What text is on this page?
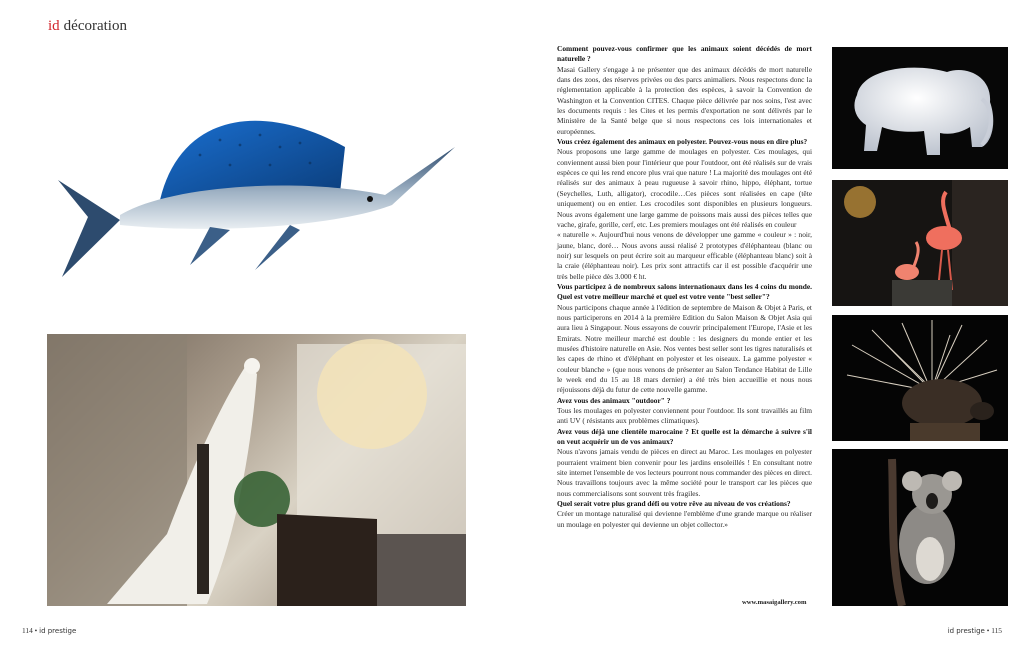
id décoration

Comment pouvez-vous confirmer que les animaux soient décédés de mort naturelle ?

Masai Gallery s'engage à ne présenter que des animaux décédés de mort naturelle dans des zoos, des réserves privées ou des parcs animaliers. Nous respectons donc la réglementation applicable à la protection des espèces, à savoir la Convention de Washington et la Convention CITES. Chaque pièce délivrée par nos soins, l'est avec les documents requis : les Cites et les permis d'exportation ne sont délivrés par le Ministère de la Santé belge que si nous respectons ces lois internationales et européennes.

Vous créez également des animaux en polyester. Pouvez-vous nous en dire plus?

Nous proposons une large gamme de moulages en polyester. Ces moulages, qui conviennent aussi bien pour l'intérieur que pour l'outdoor, ont été réalisés sur de vrais espèces ce qui les rend encore plus vrai que nature ! La majorité des moulages ont été réalisés sur des animaux à peau rugueuse à savoir rhino, hippo, éléphant, tortue (Seychelles, Luth, alligator), crocodile…Ces pièces sont réalisées en cape (tête uniquement) ou en entier. Les crocodiles sont disponibles en plusieurs longueurs. Nous avons également une large gamme de poissons mais aussi des pièces telles que vache, girafe, gorille, cerf, etc. Les premiers moulages ont été réalisés en couleur

« naturelle ». Aujourd'hui nous venons de développer une gamme « couleur » : noir, jaune, blanc, doré… Nous avons aussi réalisé 2 prototypes d'éléphanteau (blanc ou noir) sur lesquels on peut écrire soit au marqueur efficable (éléphanteau blanc) soit à la craie (éléphanteau noir). Les prix sont attractifs car il est possible d'acquérir une très belle pièce dès 3.000 € ht.

Vous participez à de nombreux salons internationaux dans les 4 coins du monde. Quel est votre meilleur marché et quel est votre vente "best seller"?

Nous participons chaque année à l'édition de septembre de Maison & Objet à Paris, et nous participerons en 2014 à la première Edition du Salon Maison & Objet Asia qui aura lieu à Singapour. Nous essayons de couvrir principalement l'Europe, l'Asie et les Emirats. Notre meilleur marché est double : les designers du monde entier et les musées d'histoire naturelle en Asie. Nos ventes best seller sont les tigres naturalisés et les capes de rhino et d'éléphant en polyester et les oiseaux. La gamme polyester « couleur blanche » (que nous venons de présenter au Salon Tendance Habitat de Lille le week end du 15 au 18 mars dernier) a été très bien accueillie et nous nous réjouissons déjà du futur de cette nouvelle gamme.

Avez vous des animaux "outdoor" ?

Tous les moulages en polyester conviennent pour l'outdoor. Ils sont travaillés au film anti UV ( résistants aux problèmes climatiques).

Avez vous déjà une clientèle marocaine ? Et quelle est la démarche à suivre s'il on veut acquérir un de vos animaux?

Nous n'avons jamais vendu de pièces en direct au Maroc. Les moulages en polyester pourraient vraiment bien convenir pour les jardins ensoleillés ! En consultant notre site internet l'ensemble de vos lecteurs pourront nous commander des pièces en direct. Nous travaillons toujours avec la même société pour le transport car les pièces que nous commercialisons sont souvent très fragiles.

Quel serait votre plus grand défi ou votre rêve au niveau de vos créations?

Créer un montage naturalisé qui devienne l'emblème d'une grande marque ou réaliser un moulage en polyester qui devienne un objet collector.»

www.masaigallery.com
114 • id prestige	id prestige • 115
